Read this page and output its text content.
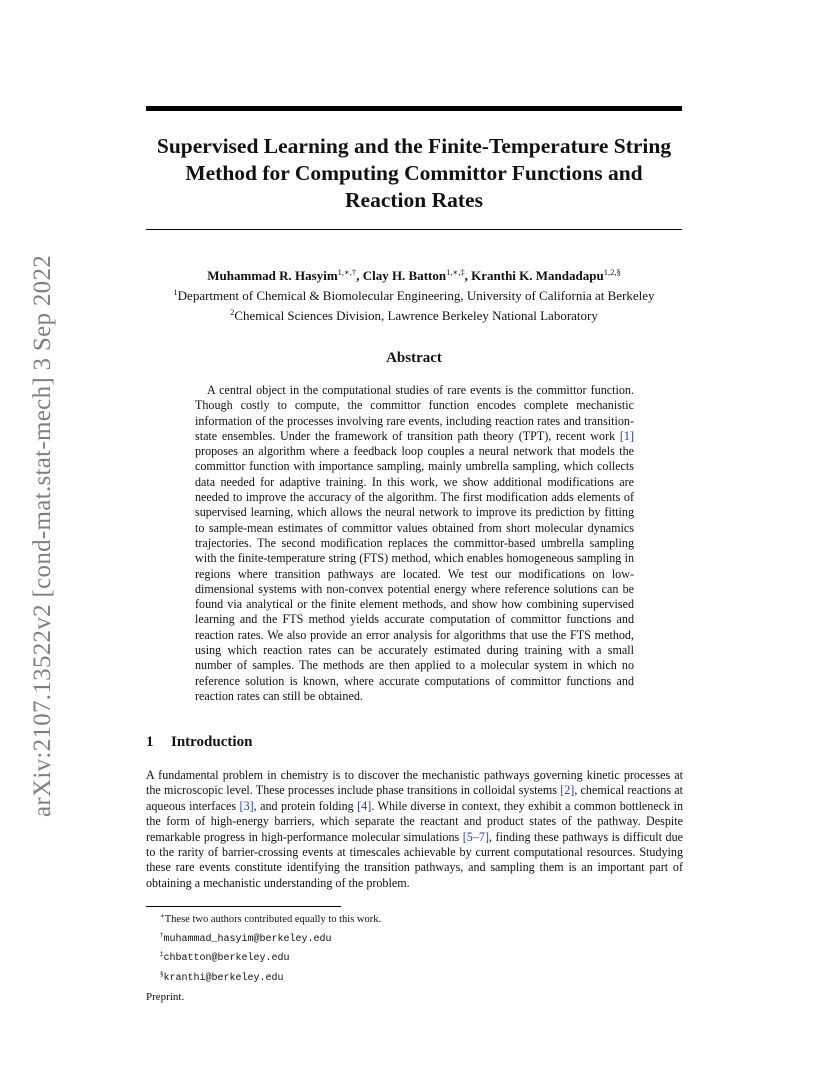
arXiv:2107.13522v2 [cond-mat.stat-mech] 3 Sep 2022
Supervised Learning and the Finite-Temperature String Method for Computing Committor Functions and Reaction Rates
Muhammad R. Hasyim$^{1,∗,\dagger}$, Clay H. Batton$^{1,∗,\ddagger}$, Kranthi K. Mandadapu$^{1,2,\S}$
$^1$Department of Chemical & Biomolecular Engineering, University of California at Berkeley
$^2$Chemical Sciences Division, Lawrence Berkeley National Laboratory
Abstract

A central object in the computational studies of rare events is the committor function. Though costly to compute, the committor function encodes complete mechanistic information of the processes involving rare events, including reaction rates and transition-state ensembles. Under the framework of transition path theory (TPT), recent work [1] proposes an algorithm where a feedback loop couples a neural network that models the committor function with importance sampling, mainly umbrella sampling, which collects data needed for adaptive training. In this work, we show additional modifications are needed to improve the accuracy of the algorithm. The first modification adds elements of supervised learning, which allows the neural network to improve its prediction by fitting to sample-mean estimates of committor values obtained from short molecular dynamics trajectories. The second modification replaces the committor-based umbrella sampling with the finite-temperature string (FTS) method, which enables homogeneous sampling in regions where transition pathways are located. We test our modifications on low-dimensional systems with non-convex potential energy where reference solutions can be found via analytical or the finite element methods, and show how combining supervised learning and the FTS method yields accurate computation of committor functions and reaction rates. We also provide an error analysis for algorithms that use the FTS method, using which reaction rates can be accurately estimated during training with a small number of samples. The methods are then applied to a molecular system in which no reference solution is known, where accurate computations of committor functions and reaction rates can still be obtained.

1 Introduction

A fundamental problem in chemistry is to discover the mechanistic pathways governing kinetic processes at the microscopic level. These processes include phase transitions in colloidal systems [2], chemical reactions at aqueous interfaces [3], and protein folding [4]. While diverse in context, they exhibit a common bottleneck in the form of high-energy barriers, which separate the reactant and product states of the pathway. Despite remarkable progress in high-performance molecular simulations [5–7], finding these pathways is difficult due to the rarity of barrier-crossing events at timescales achievable by current computational resources. Studying these rare events constitute identifying the transition pathways, and sampling them is an important part of obtaining a mechanistic understanding of the problem.

∗These two authors contributed equally to this work.
†muhammad_hasyim@berkeley.edu
‡chbatton@berkeley.edu
§kranthi@berkeley.edu
Preprint.
